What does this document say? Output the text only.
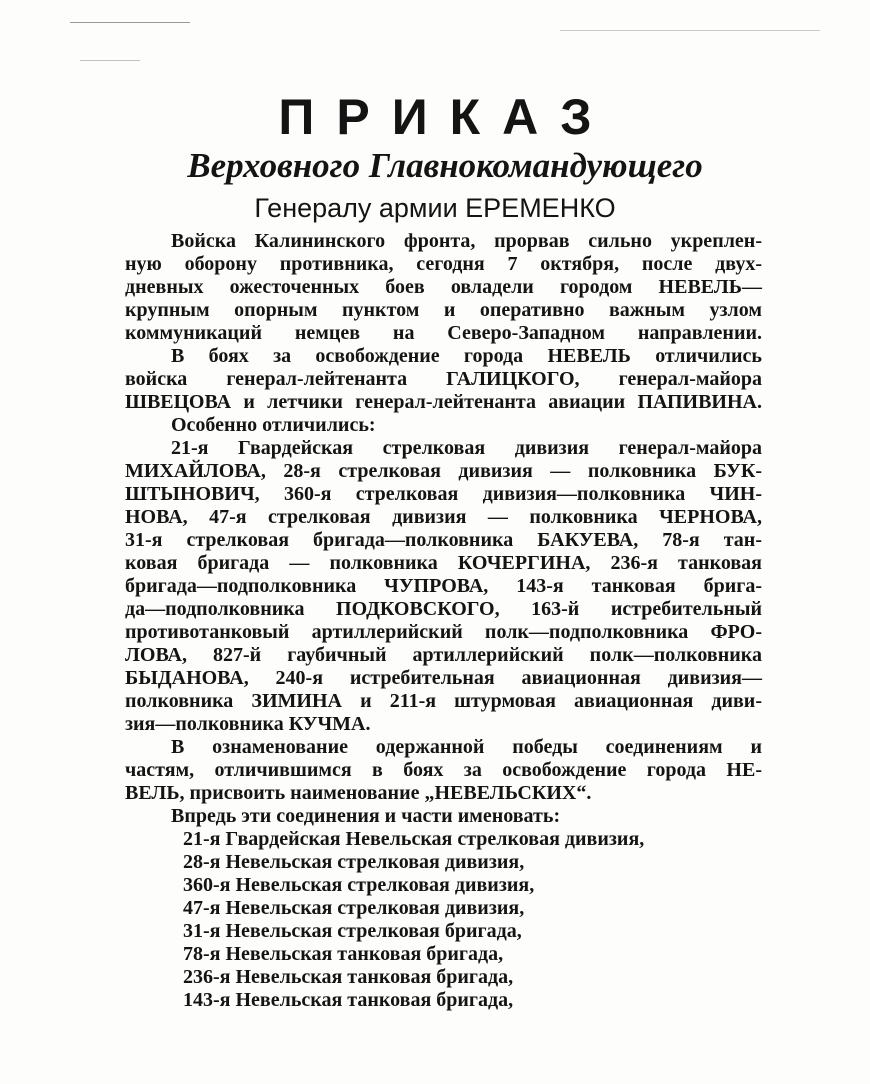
ПРИКАЗ
Верховного Главнокомандующего
Генералу армии ЕРЕМЕНКО
Войска Калининского фронта, прорвав сильно укреплен-
ную оборону противника, сегодня 7 октября, после двух-
дневных ожесточенных боев овладели городом НЕВЕЛЬ—
крупным опорным пунктом и оперативно важным узлом
коммуникаций немцев на Северо-Западном направлении.
В боях за освобождение города НЕВЕЛЬ отличились
войска генерал-лейтенанта ГАЛИЦКОГО, генерал-майора
ШВЕЦОВА и летчики генерал-лейтенанта авиации ПАПИВИНА.
Особенно отличились:
21-я Гвардейская стрелковая дивизия генерал-майора
МИХАЙЛОВА, 28-я стрелковая дивизия — полковника БУК-
ШТЫНОВИЧ, 360-я стрелковая дивизия—полковника ЧИН-
НОВА, 47-я стрелковая дивизия — полковника ЧЕРНОВА,
31-я стрелковая бригада—полковника БАКУЕВА, 78-я тан-
ковая бригада — полковника КОЧЕРГИНА, 236-я танковая
бригада—подполковника ЧУПРОВА, 143-я танковая брига-
да—подполковника ПОДКОВСКОГО, 163-й истребительный
противотанковый артиллерийский полк—подполковника ФРО-
ЛОВА, 827-й гаубичный артиллерийский полк—полковника
БЫДАНОВА, 240-я истребительная авиационная дивизия—
полковника ЗИМИНА и 211-я штурмовая авиационная диви-
зия—полковника КУЧМА.
В ознаменование одержанной победы соединениям и
частям, отличившимся в боях за освобождение города НЕ-
ВЕЛЬ, присвоить наименование „НЕВЕЛЬСКИХ“.
Впредь эти соединения и части именовать:
21-я Гвардейская Невельская стрелковая дивизия,
28-я Невельская стрелковая дивизия,
360-я Невельская стрелковая дивизия,
47-я Невельская стрелковая дивизия,
31-я Невельская стрелковая бригада,
78-я Невельская танковая бригада,
236-я Невельская танковая бригада,
143-я Невельская танковая бригада,
